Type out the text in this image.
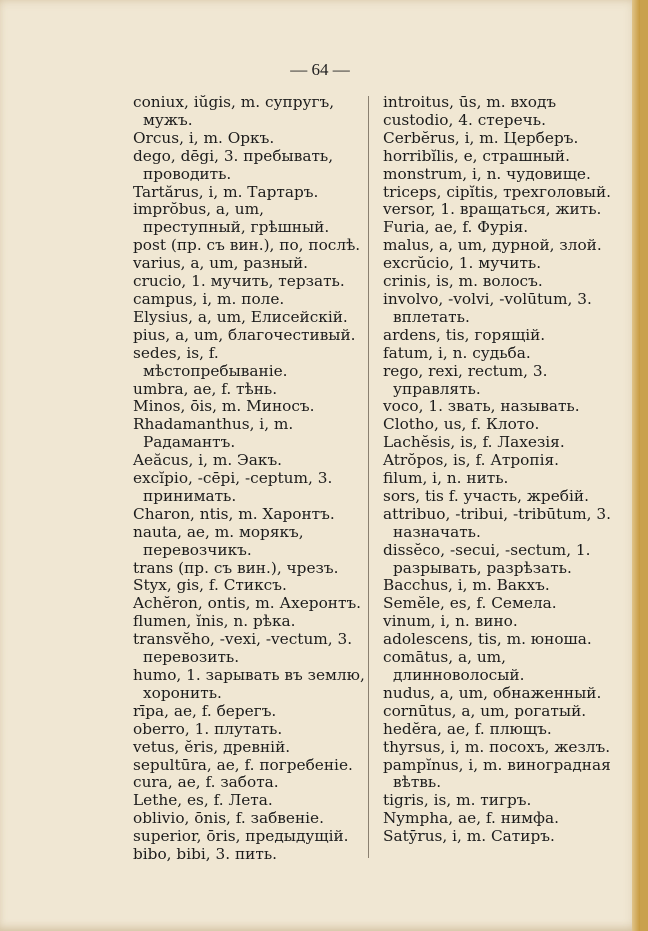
— 64 —

coniux, iŭgis, m. супругъ, мужъ.

Orcus, i, m. Оркъ.

dego, dēgi, 3. пребывать, проводить.

Tartărus, i, m. Тартаръ.

imprŏbus, a, um, преступный, грѣшный.

post (пр. съ вин.), по, послѣ.

varius, a, um, разный.

crucio, 1. мучить, терзать.

campus, i, m. поле.

Elysius, a, um, Елисейскій.

pius, a, um, благочестивый.

sedes, is, f. мѣстопребываніе.

umbra, ae, f. тѣнь.

Minos, ōis, m. Миносъ.

Rhadamanthus, i, m. Радамантъ.

Aeăcus, i, m. Эакъ.

excĭpio, -cēpi, -ceptum, 3. принимать.

Charon, ntis, m. Харонтъ.

nauta, ae, m. морякъ, перевозчикъ.

trans (пр. съ вин.), чрезъ.

Styx, gis, f. Стиксъ.

Achĕron, ontis, m. Ахеронтъ.

flumen, ĭnis, n. рѣка.

transvĕho, -vexi, -vectum, 3. перевозить.

humo, 1. зарывать въ землю, хоронить.

rīpa, ae, f. берегъ.

oberro, 1. плутать.

vetus, ĕris, древній.

sepultūra, ae, f. погребеніе.

cura, ae, f. забота.

Lethe, es, f. Лета.

oblivio, ōnis, f. забвеніе.

superior, ōris, предыдущій.

bibo, bibi, 3. пить.

introitus, ūs, m. входъ

custodio, 4. стеречь.

Cerbĕrus, i, m. Церберъ.

horribĭlis, e, страшный.

monstrum, i, n. чудовище.

triceps, cipĭtis, трехголовый.

versor, 1. вращаться, жить.

Furia, ae, f. Фурія.

malus, a, um, дурной, злой.

excrŭcio, 1. мучить.

crinis, is, m. волосъ.

involvo, -volvi, -volūtum, 3. вплетать.

ardens, tis, горящій.

fatum, i, n. судьба.

rego, rexi, rectum, 3. управлять.

voco, 1. звать, называть.

Clotho, us, f. Клото.

Lachĕsis, is, f. Лахезія.

Atrŏpos, is, f. Атропія.

filum, i, n. нить.

sors, tis f. участь, жребій.

attribuo, -tribui, -tribūtum, 3. назначать.

dissĕco, -secui, -sectum, 1. разрывать, разрѣзать.

Bacchus, i, m. Вакхъ.

Semĕle, es, f. Семела.

vinum, i, n. вино.

adolescens, tis, m. юноша.

comātus, a, um, длинноволосый.

nudus, a, um, обнаженный.

cornūtus, a, um, рогатый.

hedĕra, ae, f. плющъ.

thyrsus, i, m. посохъ, жезлъ.

pampĭnus, i, m. виноградная вѣтвь.

tigris, is, m. тигръ.

Nympha, ae, f. нимфа.

Satȳrus, i, m. Сатиръ.
